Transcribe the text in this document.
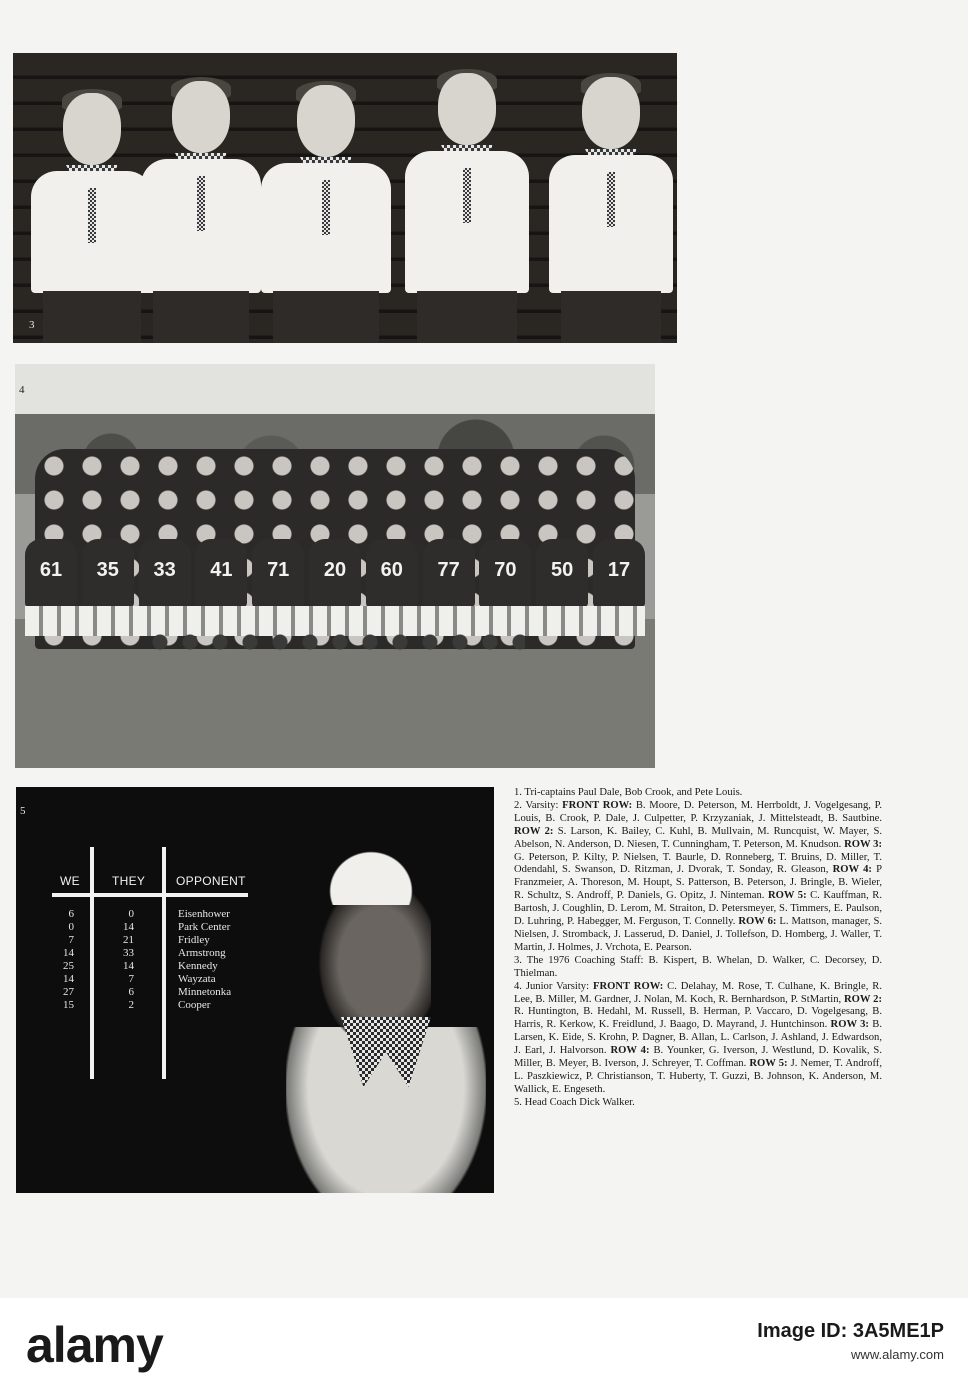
3
61	35	33	41	71	20	60	77	70	50	17
4
5
WE	THEY	OPPONENT
6	0	Eisenhower
0	14	Park Center
7	21	Fridley
14	33	Armstrong
25	14	Kennedy
14	7	Wayzata
27	6	Minnetonka
15	2	Cooper

1. Tri-captains Paul Dale, Bob Crook, and Pete Louis.

2. Varsity: FRONT ROW: B. Moore, D. Peterson, M. Herrboldt, J. Vogelgesang, P. Louis, B. Crook, P. Dale, J. Culpetter, P. Krzyzaniak, J. Mittelsteadt, B. Sautbine. ROW 2: S. Larson, K. Bailey, C. Kuhl, B. Mullvain, M. Runcquist, W. Mayer, S. Abelson, N. Anderson, D. Niesen, T. Cunningham, T. Peterson, M. Knudson. ROW 3: G. Peterson, P. Kilty, P. Nielsen, T. Baurle, D. Ronneberg, T. Bruins, D. Miller, T. Odendahl, S. Swanson, D. Ritzman, J. Dvorak, T. Sonday, R. Gleason, ROW 4: P Franzmeier, A. Thoreson, M. Houpt, S. Patterson, B. Peterson, J. Bringle, B. Wieler, R. Schultz, S. Androff, P. Daniels, G. Opitz, J. Ninteman. ROW 5: C. Kauffman, R. Bartosh, J. Coughlin, D. Lerom, M. Straiton, D. Petersmeyer, S. Timmers, E. Paulson, D. Luhring, P. Habegger, M. Ferguson, T. Connelly. ROW 6: L. Mattson, manager, S. Nielsen, J. Stromback, J. Lasserud, D. Daniel, J. Tollefson, D. Homberg, J. Waller, T. Martin, J. Holmes, J. Vrchota, E. Pearson.

3. The 1976 Coaching Staff: B. Kispert, B. Whelan, D. Walker, C. Decorsey, D. Thielman.

4. Junior Varsity: FRONT ROW: C. Delahay, M. Rose, T. Culhane, K. Bringle, R. Lee, B. Miller, M. Gardner, J. Nolan, M. Koch, R. Bernhardson, P. StMartin, ROW 2: R. Huntington, B. Hedahl, M. Russell, B. Herman, P. Vaccaro, D. Vogelgesang, B. Harris, R. Kerkow, K. Freidlund, J. Baago, D. Mayrand, J. Huntchinson. ROW 3: B. Larsen, K. Eide, S. Krohn, P. Dagner, B. Allan, L. Carlson, J. Ashland, J. Edwardson, J. Earl, J. Halvorson. ROW 4: B. Younker, G. Iverson, J. Westlund, D. Kovalik, S. Miller, B. Meyer, B. Iverson, J. Schreyer, T. Coffman. ROW 5: J. Nemer, T. Androff, L. Paszkiewicz, P. Christianson, T. Huberty, T. Guzzi, B. Johnson, K. Anderson, M. Wallick, E. Engeseth.

5. Head Coach Dick Walker.

alamy	Image ID: 3A5ME1P
www.alamy.com
